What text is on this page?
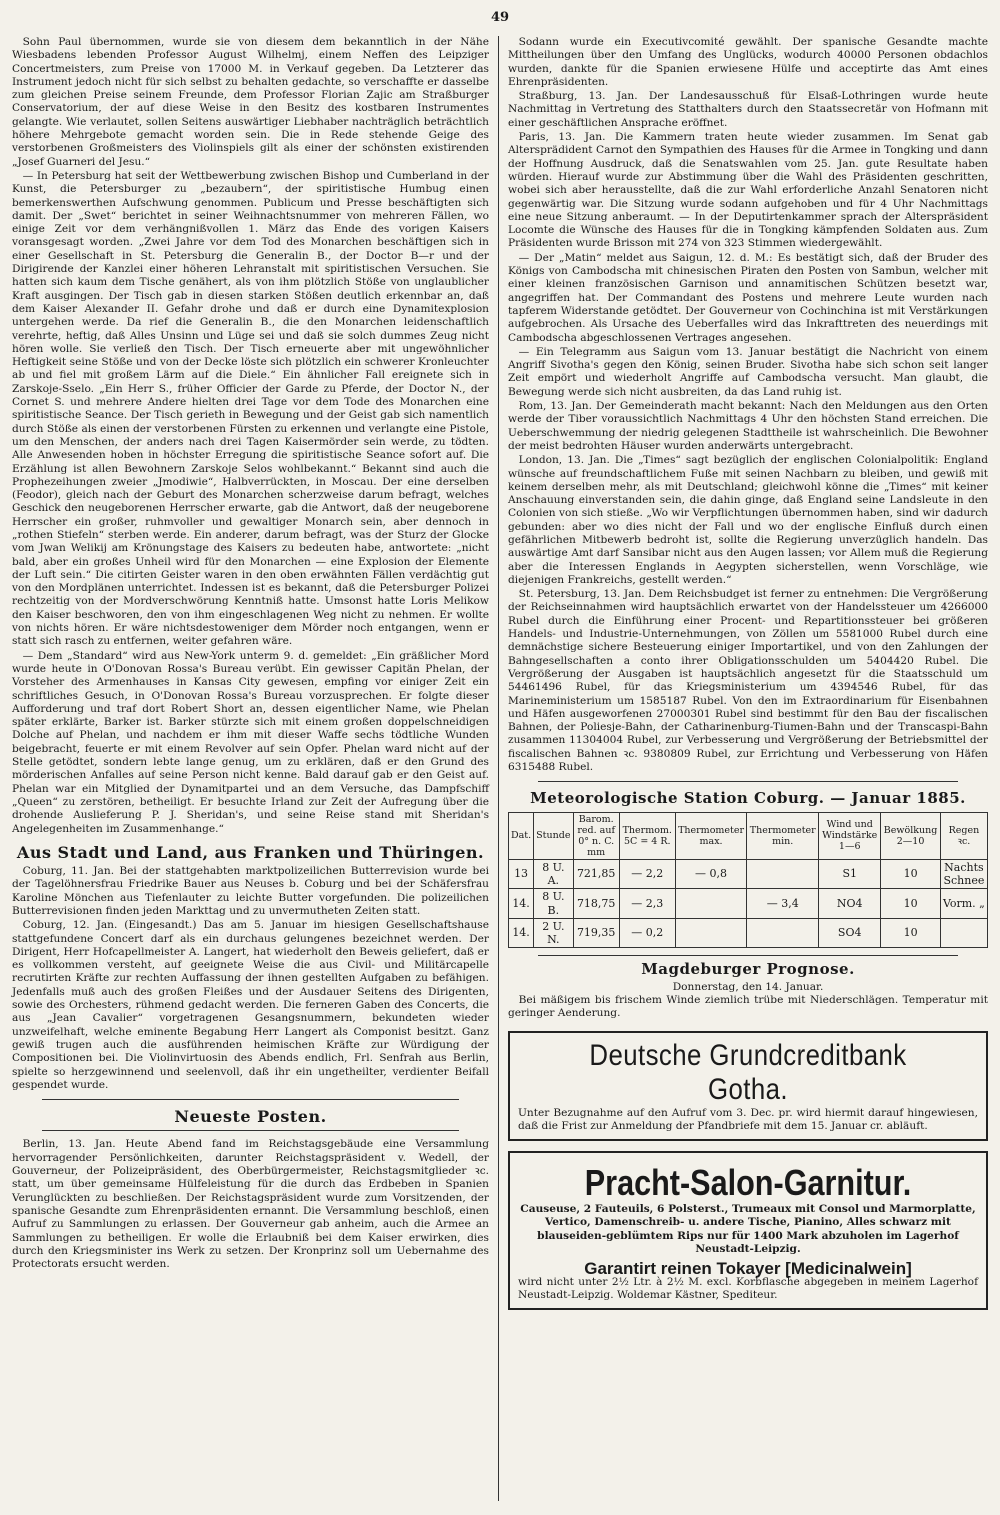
49

Sohn Paul übernommen, wurde sie von diesem dem bekanntlich in der Nähe Wiesbadens lebenden Professor August Wilhelmj, einem Neffen des Leipziger Concertmeisters, zum Preise von 17000 M. in Verkauf gegeben. Da Letzterer das Instrument jedoch nicht für sich selbst zu behalten gedachte, so verschaffte er dasselbe zum gleichen Preise seinem Freunde, dem Professor Florian Zajic am Straßburger Conservatorium, der auf diese Weise in den Besitz des kostbaren Instrumentes gelangte. Wie verlautet, sollen Seitens auswärtiger Liebhaber nachträglich beträchtlich höhere Mehrgebote gemacht worden sein. Die in Rede stehende Geige des verstorbenen Großmeisters des Violinspiels gilt als einer der schönsten existirenden „Josef Guarneri del Jesu.“

— In Petersburg hat seit der Wettbewerbung zwischen Bishop und Cumberland in der Kunst, die Petersburger zu „bezaubern“, der spiritistische Humbug einen bemerkenswerthen Aufschwung genommen. Publicum und Presse beschäftigten sich damit. Der „Swet“ berichtet in seiner Weihnachtsnummer von mehreren Fällen, wo einige Zeit vor dem verhängnißvollen 1. März das Ende des vorigen Kaisers voransgesagt worden. „Zwei Jahre vor dem Tod des Monarchen beschäftigen sich in einer Gesellschaft in St. Petersburg die Generalin B., der Doctor B—r und der Dirigirende der Kanzlei einer höheren Lehranstalt mit spiritistischen Versuchen. Sie hatten sich kaum dem Tische genähert, als von ihm plötzlich Stöße von unglaublicher Kraft ausgingen. Der Tisch gab in diesen starken Stößen deutlich erkennbar an, daß dem Kaiser Alexander II. Gefahr drohe und daß er durch eine Dynamitexplosion untergehen werde. Da rief die Generalin B., die den Monarchen leidenschaftlich verehrte, heftig, daß Alles Unsinn und Lüge sei und daß sie solch dummes Zeug nicht hören wolle. Sie verließ den Tisch. Der Tisch erneuerte aber mit ungewöhnlicher Heftigkeit seine Stöße und von der Decke löste sich plötzlich ein schwerer Kronleuchter ab und fiel mit großem Lärm auf die Diele.“ Ein ähnlicher Fall ereignete sich in Zarskoje-Sselo. „Ein Herr S., früher Officier der Garde zu Pferde, der Doctor N., der Cornet S. und mehrere Andere hielten drei Tage vor dem Tode des Monarchen eine spiritistische Seance. Der Tisch gerieth in Bewegung und der Geist gab sich namentlich durch Stöße als einen der verstorbenen Fürsten zu erkennen und verlangte eine Pistole, um den Menschen, der anders nach drei Tagen Kaisermörder sein werde, zu tödten. Alle Anwesenden hoben in höchster Erregung die spiritistische Seance sofort auf. Die Erzählung ist allen Bewohnern Zarskoje Selos wohlbekannt.“ Bekannt sind auch die Prophezeihungen zweier „Jmodiwie“, Halbverrückten, in Moscau. Der eine derselben (Feodor), gleich nach der Geburt des Monarchen scherzweise darum befragt, welches Geschick den neugeborenen Herrscher erwarte, gab die Antwort, daß der neugeborene Herrscher ein großer, ruhmvoller und gewaltiger Monarch sein, aber dennoch in „rothen Stiefeln“ sterben werde. Ein anderer, darum befragt, was der Sturz der Glocke vom Jwan Welikij am Krönungstage des Kaisers zu bedeuten habe, antwortete: „nicht bald, aber ein großes Unheil wird für den Monarchen — eine Explosion der Elemente der Luft sein.“ Die citirten Geister waren in den oben erwähnten Fällen verdächtig gut von den Mordplänen unterrichtet. Indessen ist es bekannt, daß die Petersburger Polizei rechtzeitig von der Mordverschwörung Kenntniß hatte. Umsonst hatte Loris Melikow den Kaiser beschworen, den von ihm eingeschlagenen Weg nicht zu nehmen. Er wollte von nichts hören. Er wäre nichtsdestoweniger dem Mörder noch entgangen, wenn er statt sich rasch zu entfernen, weiter gefahren wäre.

— Dem „Standard“ wird aus New-York unterm 9. d. gemeldet: „Ein gräßlicher Mord wurde heute in O'Donovan Rossa's Bureau verübt. Ein gewisser Capitän Phelan, der Vorsteher des Armenhauses in Kansas City gewesen, empfing vor einiger Zeit ein schriftliches Gesuch, in O'Donovan Rossa's Bureau vorzusprechen. Er folgte dieser Aufforderung und traf dort Robert Short an, dessen eigentlicher Name, wie Phelan später erklärte, Barker ist. Barker stürzte sich mit einem großen doppelschneidigen Dolche auf Phelan, und nachdem er ihm mit dieser Waffe sechs tödtliche Wunden beigebracht, feuerte er mit einem Revolver auf sein Opfer. Phelan ward nicht auf der Stelle getödtet, sondern lebte lange genug, um zu erklären, daß er den Grund des mörderischen Anfalles auf seine Person nicht kenne. Bald darauf gab er den Geist auf. Phelan war ein Mitglied der Dynamitpartei und an dem Versuche, das Dampfschiff „Queen“ zu zerstören, betheiligt. Er besuchte Irland zur Zeit der Aufregung über die drohende Auslieferung P. J. Sheridan's, und seine Reise stand mit Sheridan's Angelegenheiten im Zusammenhange.“

Aus Stadt und Land, aus Franken und Thüringen.

Coburg, 11. Jan. Bei der stattgehabten marktpolizeilichen Butterrevision wurde bei der Tagelöhnersfrau Friedrike Bauer aus Neuses b. Coburg und bei der Schäfersfrau Karoline Mönchen aus Tiefenlauter zu leichte Butter vorgefunden. Die polizeilichen Butterrevisionen finden jeden Markttag und zu unvermutheten Zeiten statt.

Coburg, 12. Jan. (Eingesandt.) Das am 5. Januar im hiesigen Gesellschaftshause stattgefundene Concert darf als ein durchaus gelungenes bezeichnet werden. Der Dirigent, Herr Hofcapellmeister A. Langert, hat wiederholt den Beweis geliefert, daß er es vollkommen versteht, auf geeignete Weise die aus Civil- und Militärcapelle recrutirten Kräfte zur rechten Auffassung der ihnen gestellten Aufgaben zu befähigen. Jedenfalls muß auch des großen Fleißes und der Ausdauer Seitens des Dirigenten, sowie des Orchesters, rühmend gedacht werden. Die ferneren Gaben des Concerts, die aus „Jean Cavalier“ vorgetragenen Gesangsnummern, bekundeten wieder unzweifelhaft, welche eminente Begabung Herr Langert als Componist besitzt. Ganz gewiß trugen auch die ausführenden heimischen Kräfte zur Würdigung der Compositionen bei. Die Violinvirtuosin des Abends endlich, Frl. Senfrah aus Berlin, spielte so herzgewinnend und seelenvoll, daß ihr ein ungetheilter, verdienter Beifall gespendet wurde.

Neueste Posten.

Berlin, 13. Jan. Heute Abend fand im Reichstagsgebäude eine Versammlung hervorragender Persönlichkeiten, darunter Reichstagspräsident v. Wedell, der Gouverneur, der Polizeipräsident, des Oberbürgermeister, Reichstagsmitglieder ꝛc. statt, um über gemeinsame Hülfeleistung für die durch das Erdbeben in Spanien Verunglückten zu beschließen. Der Reichstagspräsident wurde zum Vorsitzenden, der spanische Gesandte zum Ehrenpräsidenten ernannt. Die Versammlung beschloß, einen Aufruf zu Sammlungen zu erlassen. Der Gouverneur gab anheim, auch die Armee an Sammlungen zu betheiligen. Er wolle die Erlaubniß bei dem Kaiser erwirken, dies durch den Kriegsminister ins Werk zu setzen. Der Kronprinz soll um Uebernahme des Protectorats ersucht werden.

Sodann wurde ein Executivcomité gewählt. Der spanische Gesandte machte Mittheilungen über den Umfang des Unglücks, wodurch 40000 Personen obdachlos wurden, dankte für die Spanien erwiesene Hülfe und acceptirte das Amt eines Ehrenpräsidenten.

Straßburg, 13. Jan. Der Landesausschuß für Elsaß-Lothringen wurde heute Nachmittag in Vertretung des Statthalters durch den Staatssecretär von Hofmann mit einer geschäftlichen Ansprache eröffnet.

Paris, 13. Jan. Die Kammern traten heute wieder zusammen. Im Senat gab Altersprädident Carnot den Sympathien des Hauses für die Armee in Tongking und dann der Hoffnung Ausdruck, daß die Senatswahlen vom 25. Jan. gute Resultate haben würden. Hierauf wurde zur Abstimmung über die Wahl des Präsidenten geschritten, wobei sich aber herausstellte, daß die zur Wahl erforderliche Anzahl Senatoren nicht gegenwärtig war. Die Sitzung wurde sodann aufgehoben und für 4 Uhr Nachmittags eine neue Sitzung anberaumt. — In der Deputirtenkammer sprach der Alterspräsident Locomte die Wünsche des Hauses für die in Tongking kämpfenden Soldaten aus. Zum Präsidenten wurde Brisson mit 274 von 323 Stimmen wiedergewählt.

— Der „Matin“ meldet aus Saigun, 12. d. M.: Es bestätigt sich, daß der Bruder des Königs von Cambodscha mit chinesischen Piraten den Posten von Sambun, welcher mit einer kleinen französischen Garnison und annamitischen Schützen besetzt war, angegriffen hat. Der Commandant des Postens und mehrere Leute wurden nach tapferem Widerstande getödtet. Der Gouverneur von Cochinchina ist mit Verstärkungen aufgebrochen. Als Ursache des Ueberfalles wird das Inkrafttreten des neuerdings mit Cambodscha abgeschlossenen Vertrages angesehen.

— Ein Telegramm aus Saigun vom 13. Januar bestätigt die Nachricht von einem Angriff Sivotha's gegen den König, seinen Bruder. Sivotha habe sich schon seit langer Zeit empört und wiederholt Angriffe auf Cambodscha versucht. Man glaubt, die Bewegung werde sich nicht ausbreiten, da das Land ruhig ist.

Rom, 13. Jan. Der Gemeinderath macht bekannt: Nach den Meldungen aus den Orten werde der Tiber voraussichtlich Nachmittags 4 Uhr den höchsten Stand erreichen. Die Ueberschwemmung der niedrig gelegenen Stadttheile ist wahrscheinlich. Die Bewohner der meist bedrohten Häuser wurden anderwärts untergebracht.

London, 13. Jan. Die „Times“ sagt bezüglich der englischen Colonialpolitik: England wünsche auf freundschaftlichem Fuße mit seinen Nachbarn zu bleiben, und gewiß mit keinem derselben mehr, als mit Deutschland; gleichwohl könne die „Times“ mit keiner Anschauung einverstanden sein, die dahin ginge, daß England seine Landsleute in den Colonien von sich stieße. „Wo wir Verpflichtungen übernommen haben, sind wir dadurch gebunden: aber wo dies nicht der Fall und wo der englische Einfluß durch einen gefährlichen Mitbewerb bedroht ist, sollte die Regierung unverzüglich handeln. Das auswärtige Amt darf Sansibar nicht aus den Augen lassen; vor Allem muß die Regierung aber die Interessen Englands in Aegypten sicherstellen, wenn Vorschläge, wie diejenigen Frankreichs, gestellt werden.“

St. Petersburg, 13. Jan. Dem Reichsbudget ist ferner zu entnehmen: Die Vergrößerung der Reichseinnahmen wird hauptsächlich erwartet von der Handelssteuer um 4266000 Rubel durch die Einführung einer Procent- und Repartitionssteuer bei größeren Handels- und Industrie-Unternehmungen, von Zöllen um 5581000 Rubel durch eine demnächstige sichere Besteuerung einiger Importartikel, und von den Zahlungen der Bahngesellschaften a conto ihrer Obligationsschulden um 5404420 Rubel. Die Vergrößerung der Ausgaben ist hauptsächlich angesetzt für die Staatsschuld um 54461496 Rubel, für das Kriegsministerium um 4394546 Rubel, für das Marineministerium um 1585187 Rubel. Von den im Extraordinarium für Eisenbahnen und Häfen ausgeworfenen 27000301 Rubel sind bestimmt für den Bau der fiscalischen Bahnen, der Poliesje-Bahn, der Catharinenburg-Tiumen-Bahn und der Transcaspi-Bahn zusammen 11304004 Rubel, zur Verbesserung und Vergrößerung der Betriebsmittel der fiscalischen Bahnen ꝛc. 9380809 Rubel, zur Errichtung und Verbesserung von Häfen 6315488 Rubel.

Meteorologische Station Coburg. — Januar 1885.
Dat.	Stunde	Barom. red. auf 0° n. C. mm	Thermom. 5C = 4 R.	Thermometer max.	Thermometer min.	Wind und Windstärke 1—6	Bewölkung 2—10	Regen ꝛc.
13	8 U. A.	721,85	— 2,2	— 0,8		S1	10	Nachts Schnee
14.	8 U. B.	718,75	— 2,3		— 3,4	NO4	10	Vorm. „
14.	2 U. N.	719,35	— 0,2			SO4	10	
Magdeburger Prognose.
Donnerstag, den 14. Januar.

Bei mäßigem bis frischem Winde ziemlich trübe mit Niederschlägen. Temperatur mit geringer Aenderung.

Deutsche Grundcreditbank Gotha.
Unter Bezugnahme auf den Aufruf vom 3. Dec. pr. wird hiermit darauf hingewiesen, daß die Frist zur Anmeldung der Pfandbriefe mit dem 15. Januar cr. abläuft.
Pracht-Salon-Garnitur.
Causeuse, 2 Fauteuils, 6 Polsterst., Trumeaux mit Consol und Marmorplatte, Vertico, Damenschreib- u. andere Tische, Pianino, Alles schwarz mit blauseiden-geblümtem Rips nur für 1400 Mark abzuholen im Lagerhof Neustadt-Leipzig.
Garantirt reinen Tokayer [Medicinalwein]
wird nicht unter 2½ Ltr. à 2½ M. excl. Korbflasche abgegeben in meinem Lagerhof Neustadt-Leipzig. Woldemar Kästner, Spediteur.
